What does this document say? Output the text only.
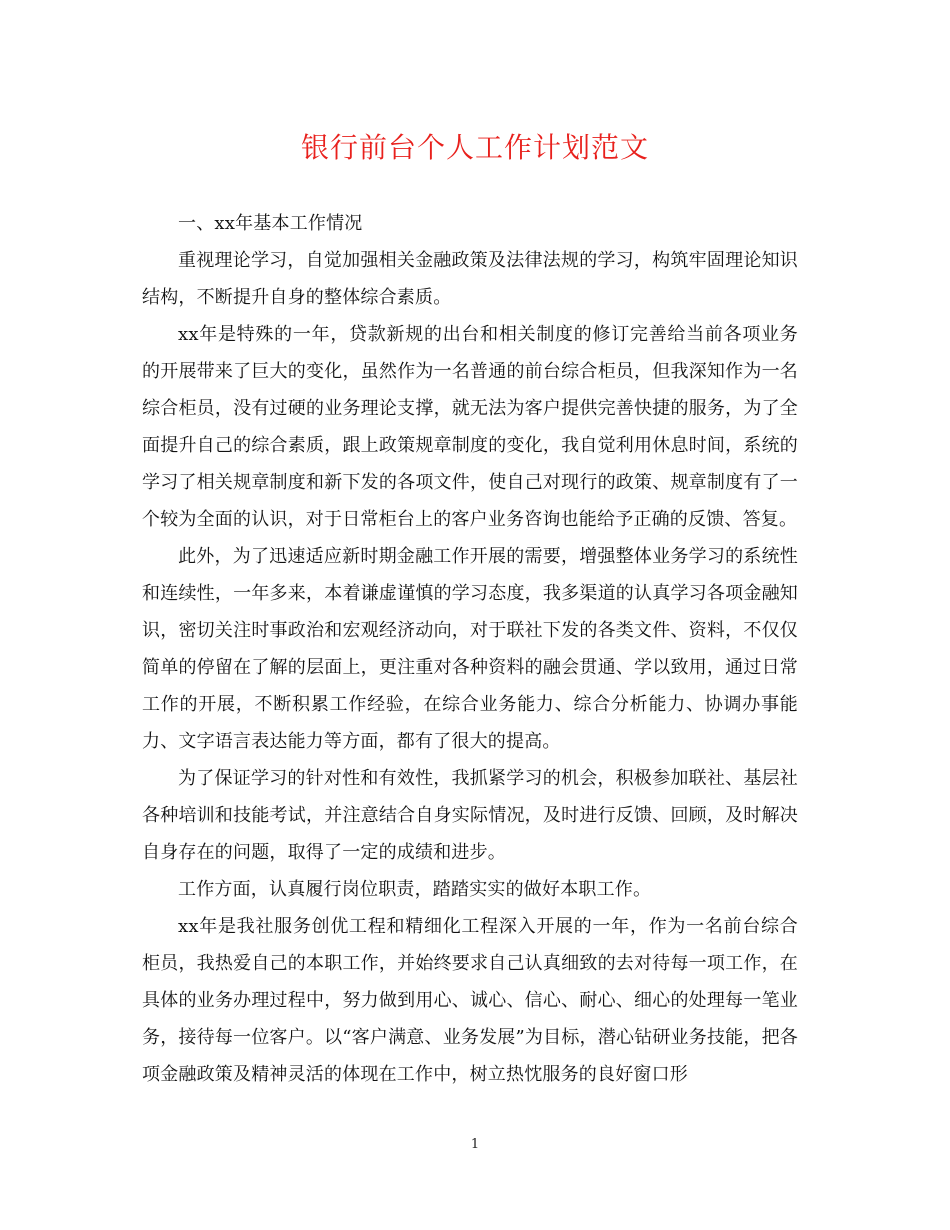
银行前台个人工作计划范文

一、xx年基本工作情况

重视理论学习，自觉加强相关金融政策及法律法规的学习，构筑牢固理论知识结构，不断提升自身的整体综合素质。

xx年是特殊的一年，贷款新规的出台和相关制度的修订完善给当前各项业务的开展带来了巨大的变化，虽然作为一名普通的前台综合柜员，但我深知作为一名综合柜员，没有过硬的业务理论支撑，就无法为客户提供完善快捷的服务，为了全面提升自己的综合素质，跟上政策规章制度的变化，我自觉利用休息时间，系统的学习了相关规章制度和新下发的各项文件，使自己对现行的政策、规章制度有了一个较为全面的认识，对于日常柜台上的客户业务咨询也能给予正确的反馈、答复。

此外，为了迅速适应新时期金融工作开展的需要，增强整体业务学习的系统性和连续性，一年多来，本着谦虚谨慎的学习态度，我多渠道的认真学习各项金融知识，密切关注时事政治和宏观经济动向，对于联社下发的各类文件、资料，不仅仅简单的停留在了解的层面上，更注重对各种资料的融会贯通、学以致用，通过日常工作的开展，不断积累工作经验，在综合业务能力、综合分析能力、协调办事能力、文字语言表达能力等方面，都有了很大的提高。

为了保证学习的针对性和有效性，我抓紧学习的机会，积极参加联社、基层社各种培训和技能考试，并注意结合自身实际情况，及时进行反馈、回顾，及时解决自身存在的问题，取得了一定的成绩和进步。

工作方面，认真履行岗位职责，踏踏实实的做好本职工作。

xx年是我社服务创优工程和精细化工程深入开展的一年，作为一名前台综合柜员，我热爱自己的本职工作，并始终要求自己认真细致的去对待每一项工作，在具体的业务办理过程中，努力做到用心、诚心、信心、耐心、细心的处理每一笔业务，接待每一位客户。以“客户满意、业务发展”为目标，潜心钻研业务技能，把各项金融政策及精神灵活的体现在工作中，树立热忱服务的良好窗口形

1
